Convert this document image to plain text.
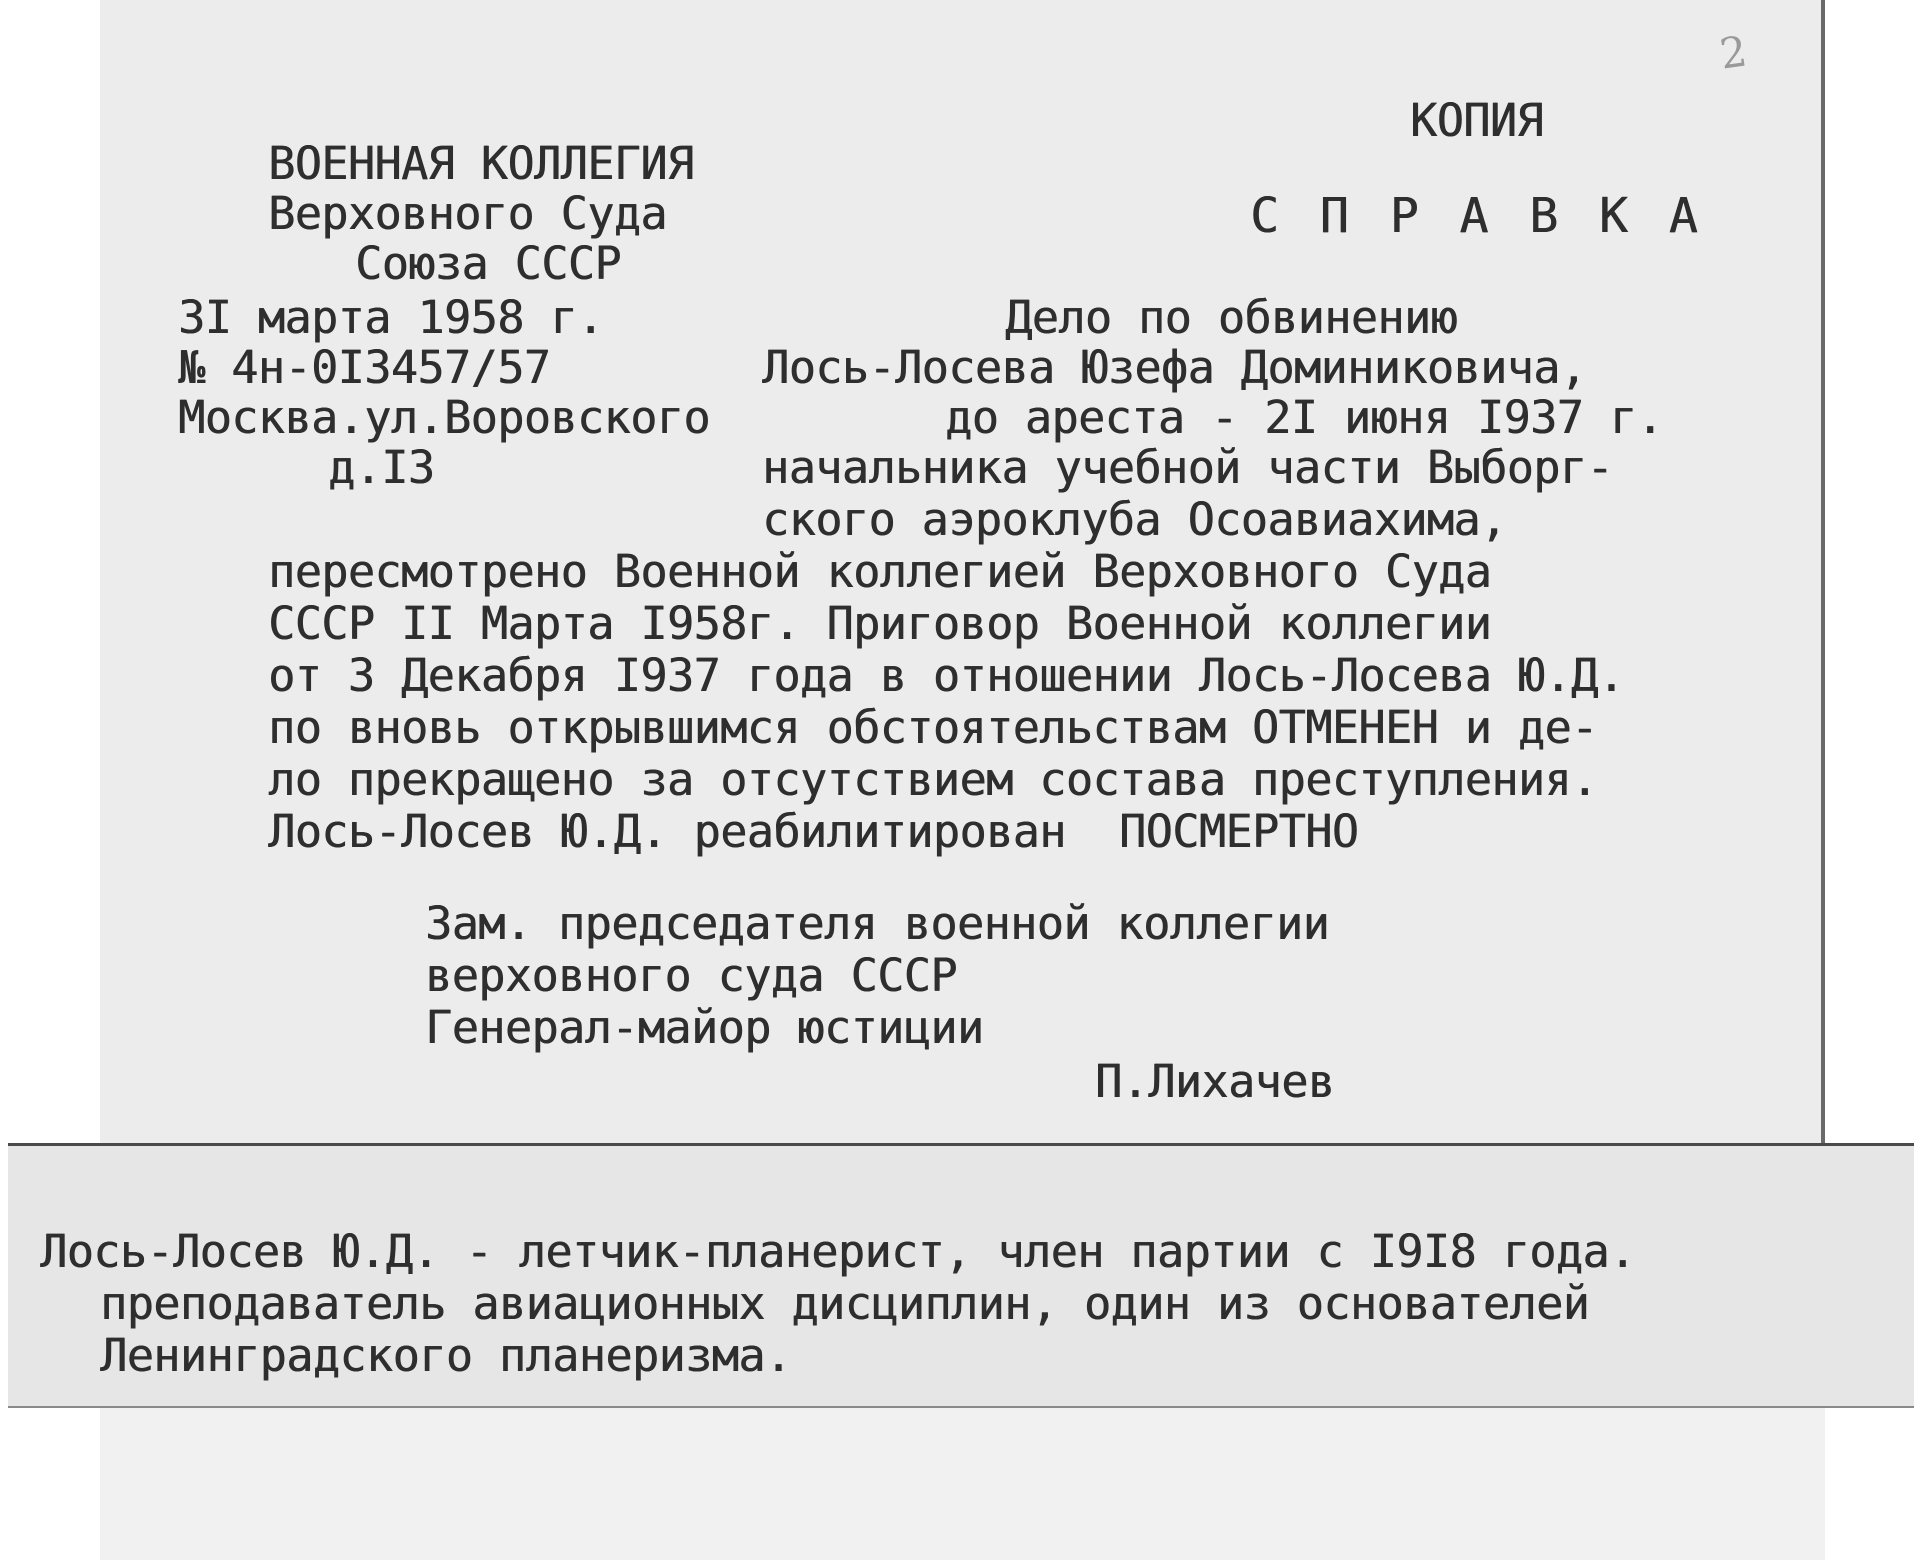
2

КОПИЯ

ВОЕННАЯ КОЛЛЕГИЯ

Верховного Суда

Союза ССCP

С П Р А В К А

3I марта 1958 г.

№ 4н-0I3457/57

Москва.ул.Воровского

д.I3

Дело по обвинению

Лось-Лосева Юзефа Доминиковича,

до ареста - 2I июня I937 г.

начальника учебной части Выборг-

ского аэроклуба Осоавиахима,

пересмотрено Военной коллегией Верховного Суда

СССР II Марта I958г. Приговор Военной коллегии

от 3 Декабря I937 года в отношении Лось-Лосева Ю.Д.

по вновь открывшимся обстоятельствам ОТМЕНЕН и де-

ло прекращено за отсутствием состава преступления.

Лось-Лосев Ю.Д. реабилитирован  ПОСМЕРТНО

Зам. председателя военной коллегии

верховного суда СССР

Генерал-майор юстиции

П.Лихачев

Лось-Лосев Ю.Д. - летчик-планерист, член партии с I9I8 года.

преподаватель авиационных дисциплин, один из основателей

Ленинградского планеризма.
